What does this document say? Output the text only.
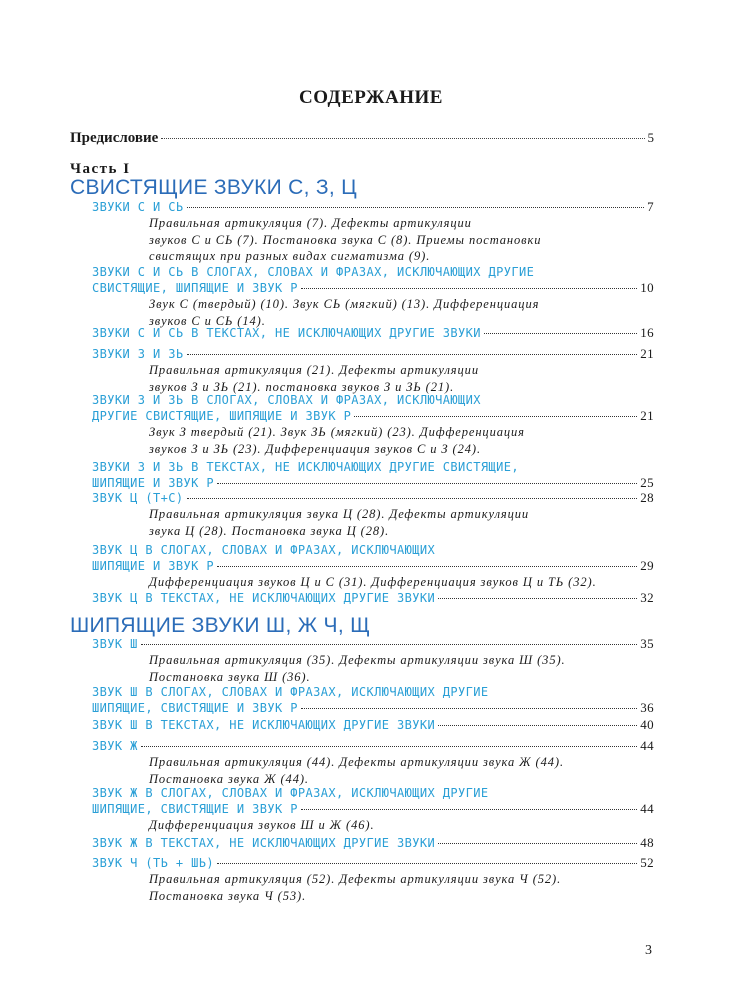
СОДЕРЖАНИЕ
Предисловие	5
Часть I
СВИСТЯЩИЕ ЗВУКИ С, З, Ц
ЗВУКИ С И СЬ	7
Правильная артикуляция (7). Дефекты артикуляции
звуков С и СЬ (7). Постановка звука С (8). Приемы постановки
свистящих при разных видах сигматизма (9).
ЗВУКИ С И СЬ В СЛОГАХ, СЛОВАХ И ФРАЗАХ, ИСКЛЮЧАЮЩИХ ДРУГИЕ
СВИСТЯЩИЕ, ШИПЯЩИЕ И ЗВУК Р	10
Звук С (твердый) (10). Звук СЬ (мягкий) (13). Дифференциация
звуков С и СЬ (14).
ЗВУКИ С И СЬ В ТЕКСТАХ, НЕ ИСКЛЮЧАЮЩИХ ДРУГИЕ ЗВУКИ	16
ЗВУКИ З И ЗЬ	21
Правильная артикуляция (21). Дефекты артикуляции
звуков З и ЗЬ (21). постановка звуков З и ЗЬ (21).
ЗВУКИ З И ЗЬ В СЛОГАХ, СЛОВАХ И ФРАЗАХ, ИСКЛЮЧАЮЩИХ
ДРУГИЕ СВИСТЯЩИЕ, ШИПЯЩИЕ И ЗВУК Р	21
Звук З твердый (21). Звук ЗЬ (мягкий) (23). Дифференциация
звуков З и ЗЬ (23). Дифференциация звуков С и З (24).
ЗВУКИ З И ЗЬ В ТЕКСТАХ, НЕ ИСКЛЮЧАЮЩИХ ДРУГИЕ СВИСТЯЩИЕ,
ШИПЯЩИЕ И ЗВУК Р	25
ЗВУК Ц (Т+С)	28
Правильная артикуляция звука Ц (28). Дефекты артикуляции
звука Ц (28). Постановка звука Ц (28).
ЗВУК Ц В СЛОГАХ, СЛОВАХ И ФРАЗАХ, ИСКЛЮЧАЮЩИХ
ШИПЯЩИЕ И ЗВУК Р	29
Дифференциация звуков Ц и С (31). Дифференциация звуков Ц и ТЬ (32).
ЗВУК Ц В ТЕКСТАХ, НЕ ИСКЛЮЧАЮЩИХ ДРУГИЕ ЗВУКИ	32
ШИПЯЩИЕ ЗВУКИ Ш, Ж Ч, Щ
ЗВУК Ш	35
Правильная артикуляция (35). Дефекты артикуляции звука Ш (35).
Постановка звука Ш (36).
ЗВУК Ш В СЛОГАХ, СЛОВАХ И ФРАЗАХ, ИСКЛЮЧАЮЩИХ ДРУГИЕ
ШИПЯЩИЕ, СВИСТЯЩИЕ И ЗВУК Р	36
ЗВУК Ш В ТЕКСТАХ, НЕ ИСКЛЮЧАЮЩИХ ДРУГИЕ ЗВУКИ	40
ЗВУК Ж	44
Правильная артикуляция (44). Дефекты артикуляции звука Ж (44).
Постановка звука Ж (44).
ЗВУК Ж В СЛОГАХ, СЛОВАХ И ФРАЗАХ, ИСКЛЮЧАЮЩИХ ДРУГИЕ
ШИПЯЩИЕ, СВИСТЯЩИЕ И ЗВУК Р	44
Дифференциация звуков Ш и Ж (46).
ЗВУК Ж В ТЕКСТАХ, НЕ ИСКЛЮЧАЮЩИХ ДРУГИЕ ЗВУКИ	48
ЗВУК Ч (ТЬ + ШЬ)	52
Правильная артикуляция (52). Дефекты артикуляции звука Ч (52).
Постановка звука Ч (53).
3
